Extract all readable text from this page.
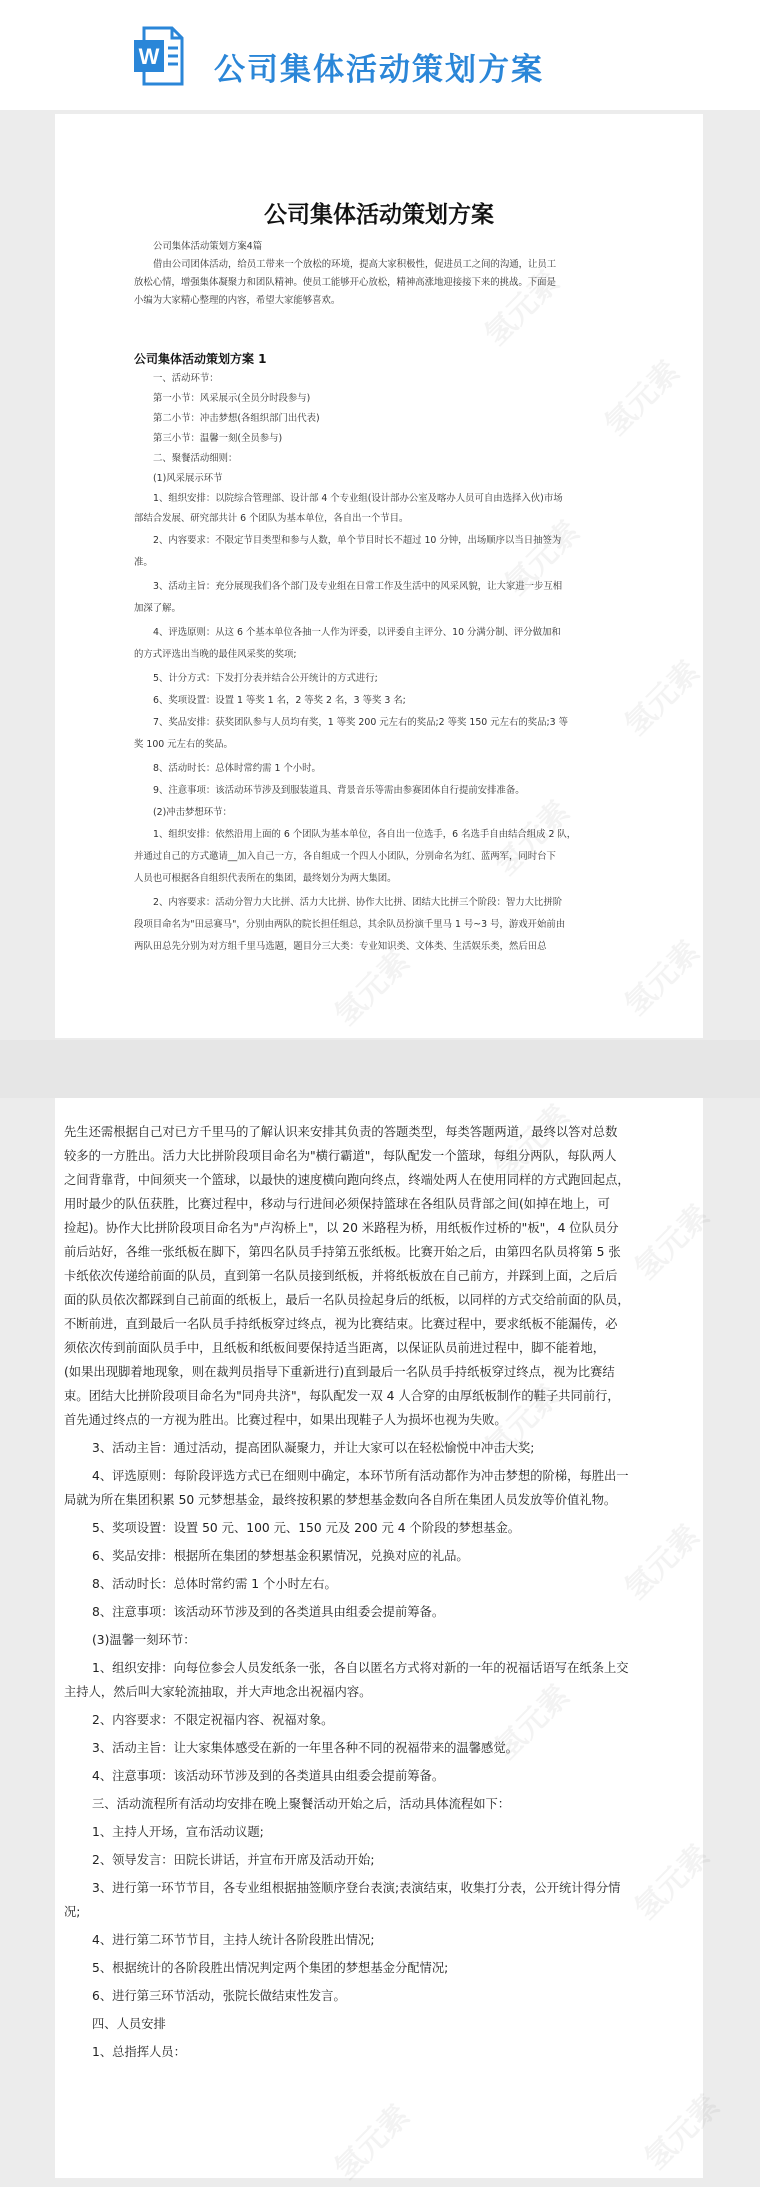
W 公司集体活动策划方案
公司集体活动策划方案
公司集体活动策划方案4篇
借由公司团体活动，给员工带来一个放松的环境，提高大家积极性，促进员工之间的沟通，让员工
放松心情，增强集体凝聚力和团队精神。使员工能够开心放松，精神高涨地迎接接下来的挑战。下面是
小编为大家精心整理的内容，希望大家能够喜欢。
公司集体活动策划方案 1
一、活动环节：
第一小节：风采展示(全员分时段参与)
第二小节：冲击梦想(各组织部门出代表)
第三小节：温馨一刻(全员参与)
二、聚餐活动细则：
(1)风采展示环节
1、组织安排：以院综合管理部、设计部 4 个专业组(设计部办公室及喀办人员可自由选择入伙)市场
部结合发展、研究部共计 6 个团队为基本单位，各自出一个节目。
2、内容要求：不限定节目类型和参与人数，单个节目时长不超过 10 分钟，出场顺序以当日抽签为
准。
3、活动主旨：充分展现我们各个部门及专业组在日常工作及生活中的风采风貌，让大家进一步互相
加深了解。
4、评选原则：从这 6 个基本单位各抽一人作为评委，以评委自主评分、10 分满分制、评分做加和
的方式评选出当晚的最佳风采奖的奖项;
5、计分方式：下发打分表并结合公开统计的方式进行;
6、奖项设置：设置 1 等奖 1 名，2 等奖 2 名，3 等奖 3 名;
7、奖品安排：获奖团队参与人员均有奖，1 等奖 200 元左右的奖品;2 等奖 150 元左右的奖品;3 等
奖 100 元左右的奖品。
8、活动时长：总体时常约需 1 个小时。
9、注意事项：该活动环节涉及到服装道具、背景音乐等需由参赛团体自行提前安排准备。
(2)冲击梦想环节：
1、组织安排：依然沿用上面的 6 个团队为基本单位，各自出一位选手，6 名选手自由结合组成 2 队，
并通过自己的方式邀请__加入自己一方，各自组成一个四人小团队，分别命名为红、蓝两军，同时台下
人员也可根据各自组织代表所在的集团，最终划分为两大集团。
2、内容要求：活动分智力大比拼、活力大比拼、协作大比拼、团结大比拼三个阶段：智力大比拼阶
段项目命名为"田忌赛马"，分别由两队的院长担任组总，其余队员扮演千里马 1 号~3 号，游戏开始前由
两队田总先分别为对方组千里马选题，题目分三大类：专业知识类、文体类、生活娱乐类，然后田总
氢元素
氢元素
氢元素
氢元素
氢元素
氢元素	氢元素
先生还需根据自己对已方千里马的了解认识来安排其负责的答题类型，每类答题两道，最终以答对总数
较多的一方胜出。活力大比拼阶段项目命名为"横行霸道"，每队配发一个篮球，每组分两队，每队两人
之间背靠背，中间须夹一个篮球，以最快的速度横向跑向终点，终端处两人在使用同样的方式跑回起点，
用时最少的队伍获胜，比赛过程中，移动与行进间必须保持篮球在各组队员背部之间(如掉在地上，可
捡起)。协作大比拼阶段项目命名为"卢沟桥上"，以 20 米路程为桥，用纸板作过桥的"板"，4 位队员分
前后站好，各维一张纸板在脚下，第四名队员手持第五张纸板。比赛开始之后，由第四名队员将第 5 张
卡纸依次传递给前面的队员，直到第一名队员接到纸板，并将纸板放在自己前方，并踩到上面，之后后
面的队员依次都踩到自己前面的纸板上，最后一名队员捡起身后的纸板，以同样的方式交给前面的队员，
不断前进，直到最后一名队员手持纸板穿过终点，视为比赛结束。比赛过程中，要求纸板不能漏传，必
须依次传到前面队员手中，且纸板和纸板间要保持适当距离，以保证队员前进过程中，脚不能着地，
(如果出现脚着地现象，则在裁判员指导下重新进行)直到最后一名队员手持纸板穿过终点，视为比赛结
束。团结大比拼阶段项目命名为"同舟共济"，每队配发一双 4 人合穿的由厚纸板制作的鞋子共同前行，
首先通过终点的一方视为胜出。比赛过程中，如果出现鞋子人为损坏也视为失败。
3、活动主旨：通过活动，提高团队凝聚力，并让大家可以在轻松愉悦中冲击大奖;
4、评选原则：每阶段评选方式已在细则中确定，本环节所有活动都作为冲击梦想的阶梯，每胜出一
局就为所在集团积累 50 元梦想基金，最终按积累的梦想基金数向各自所在集团人员发放等价值礼物。
5、奖项设置：设置 50 元、100 元、150 元及 200 元 4 个阶段的梦想基金。
6、奖品安排：根据所在集团的梦想基金积累情况，兑换对应的礼品。
8、活动时长：总体时常约需 1 个小时左右。
8、注意事项：该活动环节涉及到的各类道具由组委会提前筹备。
(3)温馨一刻环节：
1、组织安排：向每位参会人员发纸条一张，各自以匿名方式将对新的一年的祝福话语写在纸条上交
主持人，然后叫大家轮流抽取，并大声地念出祝福内容。
2、内容要求：不限定祝福内容、祝福对象。
3、活动主旨：让大家集体感受在新的一年里各种不同的祝福带来的温馨感觉。
4、注意事项：该活动环节涉及到的各类道具由组委会提前筹备。
三、活动流程所有活动均安排在晚上聚餐活动开始之后，活动具体流程如下：
1、主持人开场，宣布活动议题;
2、领导发言：田院长讲话，并宣布开席及活动开始;
3、进行第一环节节目，各专业组根据抽签顺序登台表演;表演结束，收集打分表，公开统计得分情
况;
4、进行第二环节节目，主持人统计各阶段胜出情况;
5、根据统计的各阶段胜出情况判定两个集团的梦想基金分配情况;
6、进行第三环节活动，张院长做结束性发言。
四、人员安排
1、总指挥人员：
氢元素
氢元素
氢元素
氢元素
氢元素
氢元素
氢元素	氢元素
